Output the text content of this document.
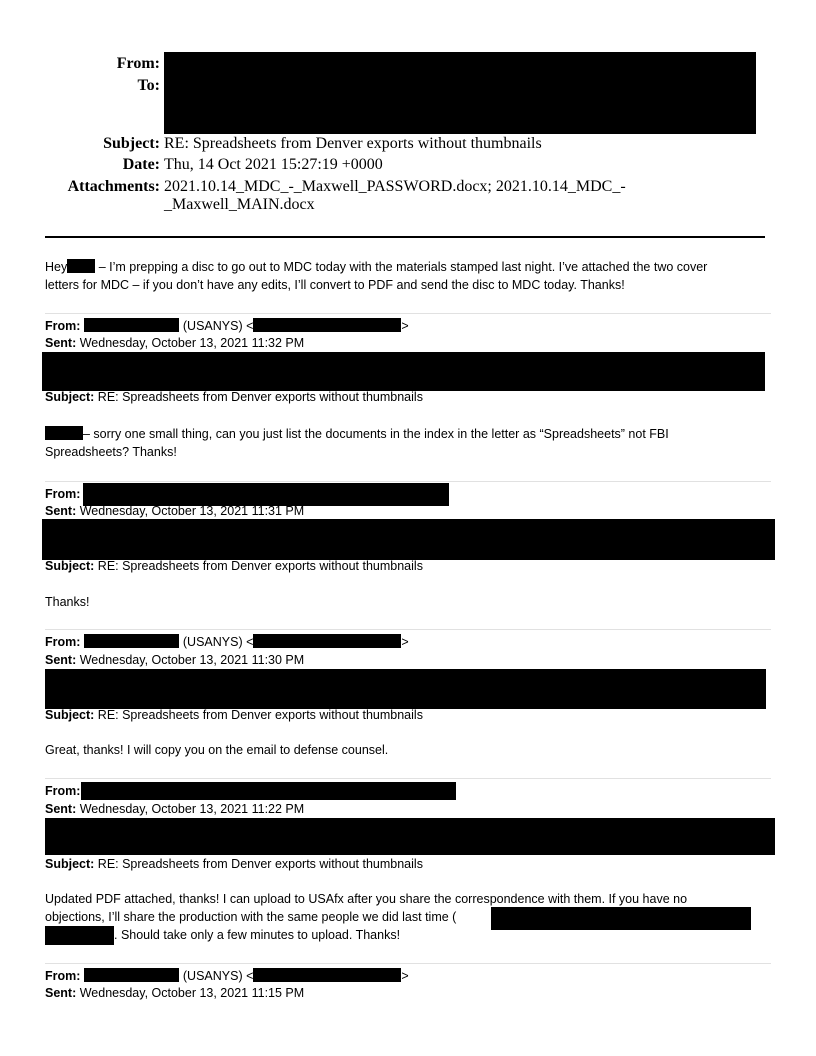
From:
To:
Subject: RE: Spreadsheets from Denver exports without thumbnails
Date: Thu, 14 Oct 2021 15:27:19 +0000
Attachments: 2021.10.14_MDC_-_Maxwell_PASSWORD.docx; 2021.10.14_MDC_-
_Maxwell_MAIN.docx
Hey – I’m prepping a disc to go out to MDC today with the materials stamped last night. I’ve attached the two cover
letters for MDC – if you don’t have any edits, I’ll convert to PDF and send the disc to MDC today. Thanks!
From:	(USANYS) <	>
Sent: Wednesday, October 13, 2021 11:32 PM
Subject: RE: Spreadsheets from Denver exports without thumbnails
– sorry one small thing, can you just list the documents in the index in the letter as “Spreadsheets” not FBI
Spreadsheets? Thanks!
From:
Sent: Wednesday, October 13, 2021 11:31 PM
Subject: RE: Spreadsheets from Denver exports without thumbnails
Thanks!
From:	(USANYS) <	>
Sent: Wednesday, October 13, 2021 11:30 PM
Subject: RE: Spreadsheets from Denver exports without thumbnails
Great, thanks! I will copy you on the email to defense counsel.
From:
Sent: Wednesday, October 13, 2021 11:22 PM
Subject: RE: Spreadsheets from Denver exports without thumbnails
Updated PDF attached, thanks! I can upload to USAfx after you share the correspondence with them. If you have no
objections, I’ll share the production with the same people we did last time (
. Should take only a few minutes to upload. Thanks!
From:	(USANYS) <	>
Sent: Wednesday, October 13, 2021 11:15 PM
